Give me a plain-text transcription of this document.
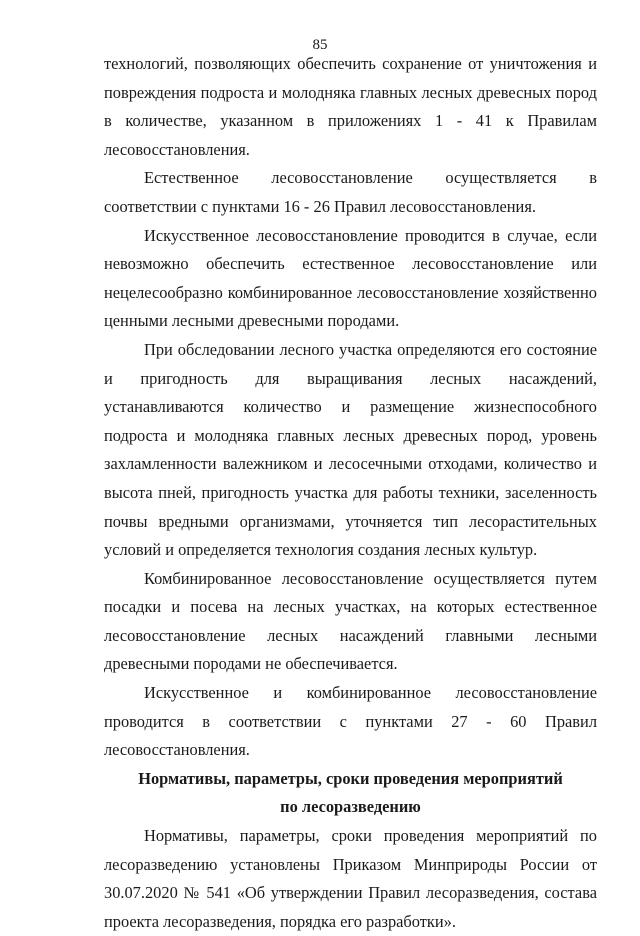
85

технологий, позволяющих обеспечить сохранение от уничтожения и повреждения подроста и молодняка главных лесных древесных пород в количестве, указанном в приложениях 1 - 41 к Правилам лесовосстановления.

Естественное лесовосстановление осуществляется в соответствии с пунктами 16 - 26 Правил лесовосстановления.

Искусственное лесовосстановление проводится в случае, если невозможно обеспечить естественное лесовосстановление или нецелесообразно комбинированное лесовосстановление хозяйственно ценными лесными древесными породами.

При обследовании лесного участка определяются его состояние и пригодность для выращивания лесных насаждений, устанавливаются количество и размещение жизнеспособного подроста и молодняка главных лесных древесных пород, уровень захламленности валежником и лесосечными отходами, количество и высота пней, пригодность участка для работы техники, заселенность почвы вредными организмами, уточняется тип лесорастительных условий и определяется технология создания лесных культур.

Комбинированное лесовосстановление осуществляется путем посадки и посева на лесных участках, на которых естественное лесовосстановление лесных насаждений главными лесными древесными породами не обеспечивается.

Искусственное и комбинированное лесовосстановление проводится в соответствии с пунктами 27 - 60 Правил лесовосстановления.

Нормативы, параметры, сроки проведения мероприятий
по лесоразведению

Нормативы, параметры, сроки проведения мероприятий по лесоразведению установлены Приказом Минприроды России от 30.07.2020 № 541 «Об утверждении Правил лесоразведения, состава проекта лесоразведения, порядка его разработки».
